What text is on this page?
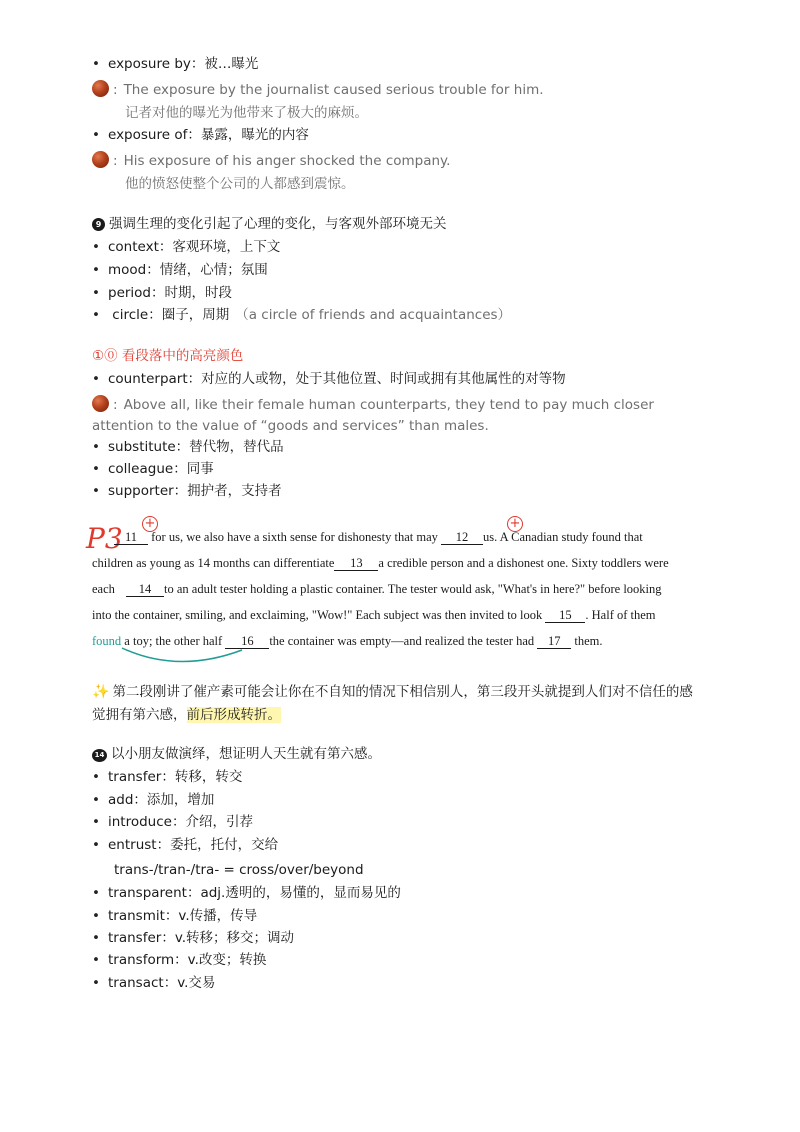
• exposure by：被…曝光
: The exposure by the journalist caused serious trouble for him.
记者对他的曝光为他带来了极大的麻烦。
• exposure of：暴露，曝光的内容
: His exposure of his anger shocked the company.
他的愤怒使整个公司的人都感到震惊。
9 强调生理的变化引起了心理的变化，与客观外部环境无关
• context：客观环境，上下文
• mood：情绪，心情；氛围
• period：时期，时段
• circle：圈子，周期 （a circle of friends and acquaintances）
①⓪ 看段落中的高亮颜色
• counterpart：对应的人或物，处于其他位置、时间或拥有其他属性的对等物
: Above all, like their female human counterparts, they tend to pay much closer attention to the value of “goods and services” than males.
• substitute：替代物，替代品
• colleague：同事
• supporter：拥护者，支持者
P3 +	+
11 for us, we also have a sixth sense for dishonesty that may 12 us. A Canadian study found that
children as young as 14 months can differentiate 13 a credible person and a dishonest one. Sixty toddlers were
each 14 to an adult tester holding a plastic container. The tester would ask, "What's in here?" before looking
into the container, smiling, and exclaiming, "Wow!" Each subject was then invited to look 15 . Half of them
found a toy; the other half 16 the container was empty—and realized the tester had 17 them.
✨ 第二段刚讲了催产素可能会让你在不自知的情况下相信别人，第三段开头就提到人们对不信任的感
觉拥有第六感，前后形成转折。
14 以小朋友做演绎，想证明人天生就有第六感。
• transfer：转移，转交
• add：添加，增加
• introduce：介绍，引荐
• entrust：委托，托付，交给
trans-/tran-/tra- = cross/over/beyond
• transparent：adj.透明的，易懂的，显而易见的
• transmit：v.传播，传导
• transfer：v.转移；移交；调动
• transform：v.改变；转换
• transact：v.交易
